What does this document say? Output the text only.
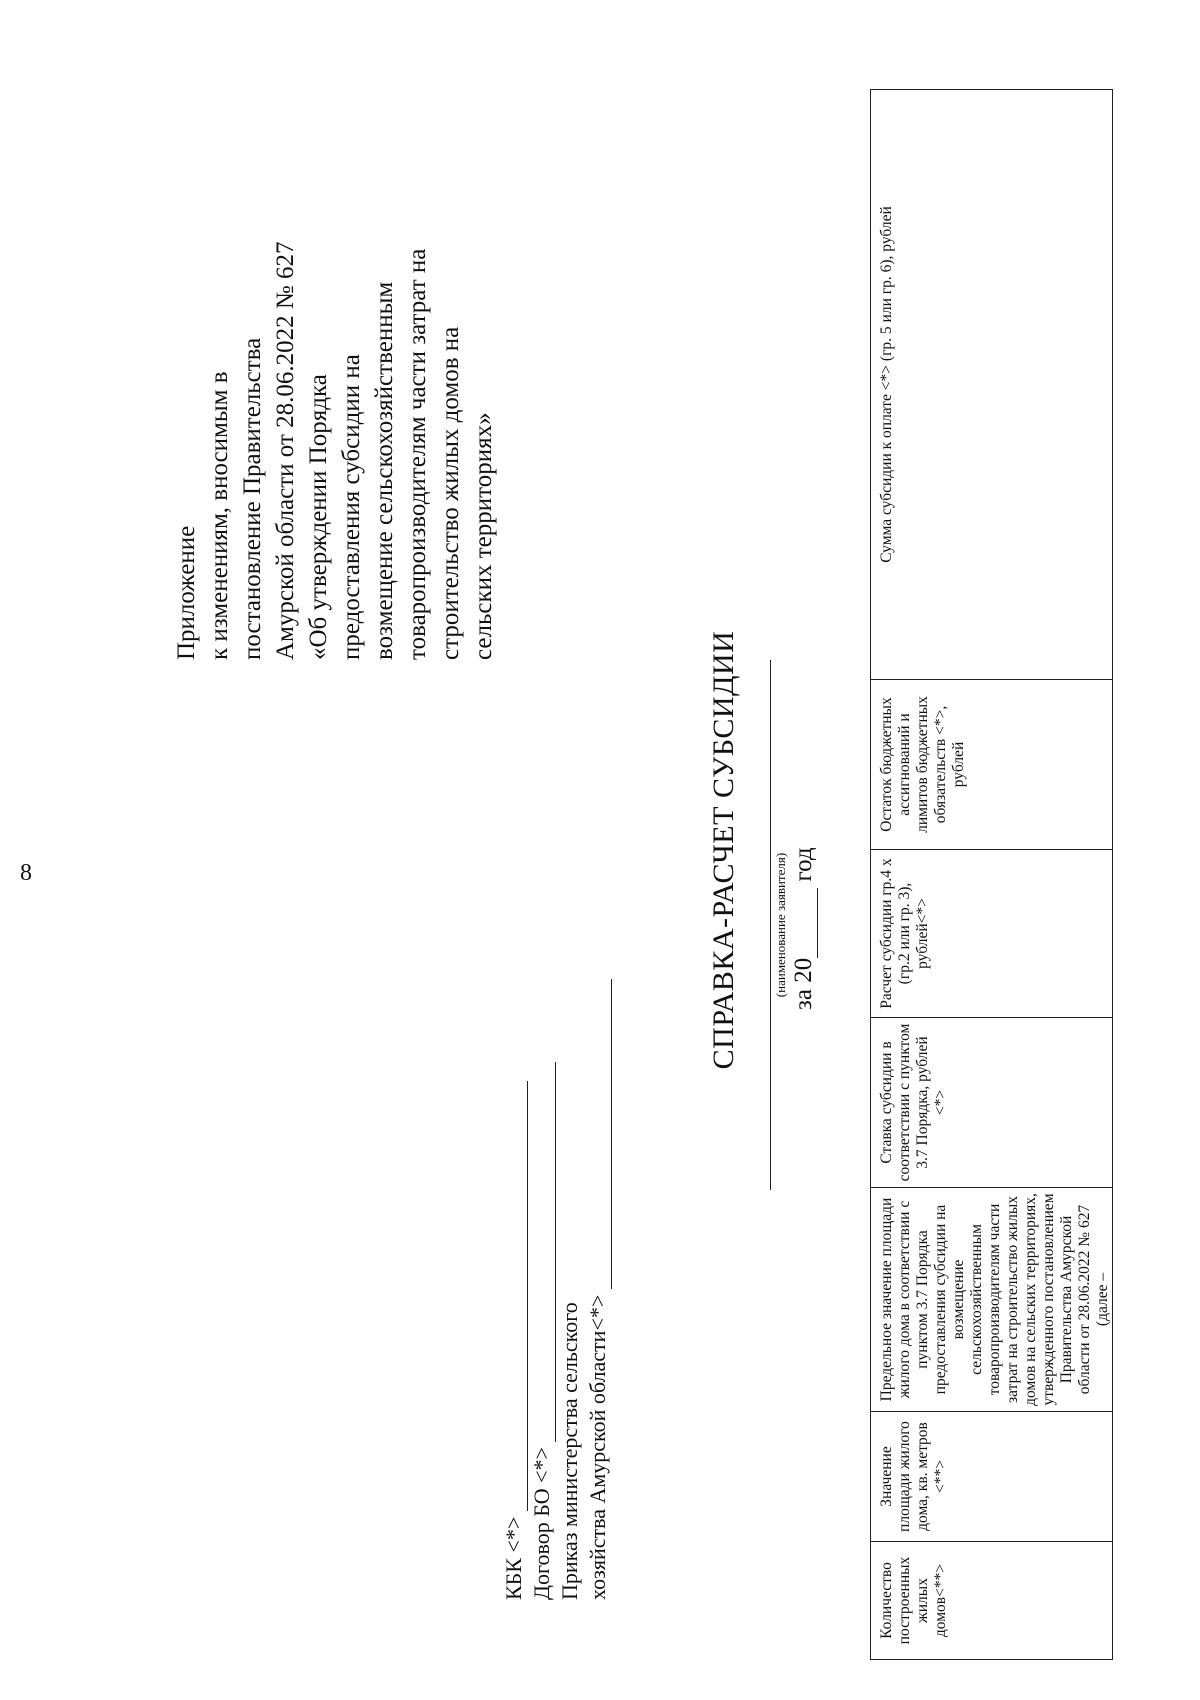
8
Приложение к изменениям, вносимым в постановление Правительства Амурской области от 28.06.2022 № 627 «Об утверждении Порядка предоставления субсидии на возмещение сельскохозяйственным товаропроизводителям части затрат на строительство жилых домов на сельских территориях»
КБК <*> Договор БО <*> Приказ министерства сельского хозяйства Амурской области<*>
СПРАВКА-РАСЧЕТ СУБСИДИИ	(наименование заявителя) за 20 год
Количество построенных жилых домов<**>	Значение площади жилого дома, кв. метров <**>	Предельное значение площади жилого дома в соответствии с пунктом 3.7 Порядка предоставления субсидии на возмещение сельскохозяйственным товаропроизводителям части затрат на строительство жилых домов на сельских территориях, утвержденного постановлением Правительства Амурской области от 28.06.2022 № 627 (далее –	Ставка субсидии в соответствии с пунктом 3.7 Порядка, рублей <*>	Расчет субсидии гр.4 х (гр.2 или гр. 3), рублей<*>	Остаток бюджетных ассигнований и лимитов бюджетных обязательств <*>, рублей	Сумма субсидии к оплате <*> (гр. 5 или гр. 6), рублей
